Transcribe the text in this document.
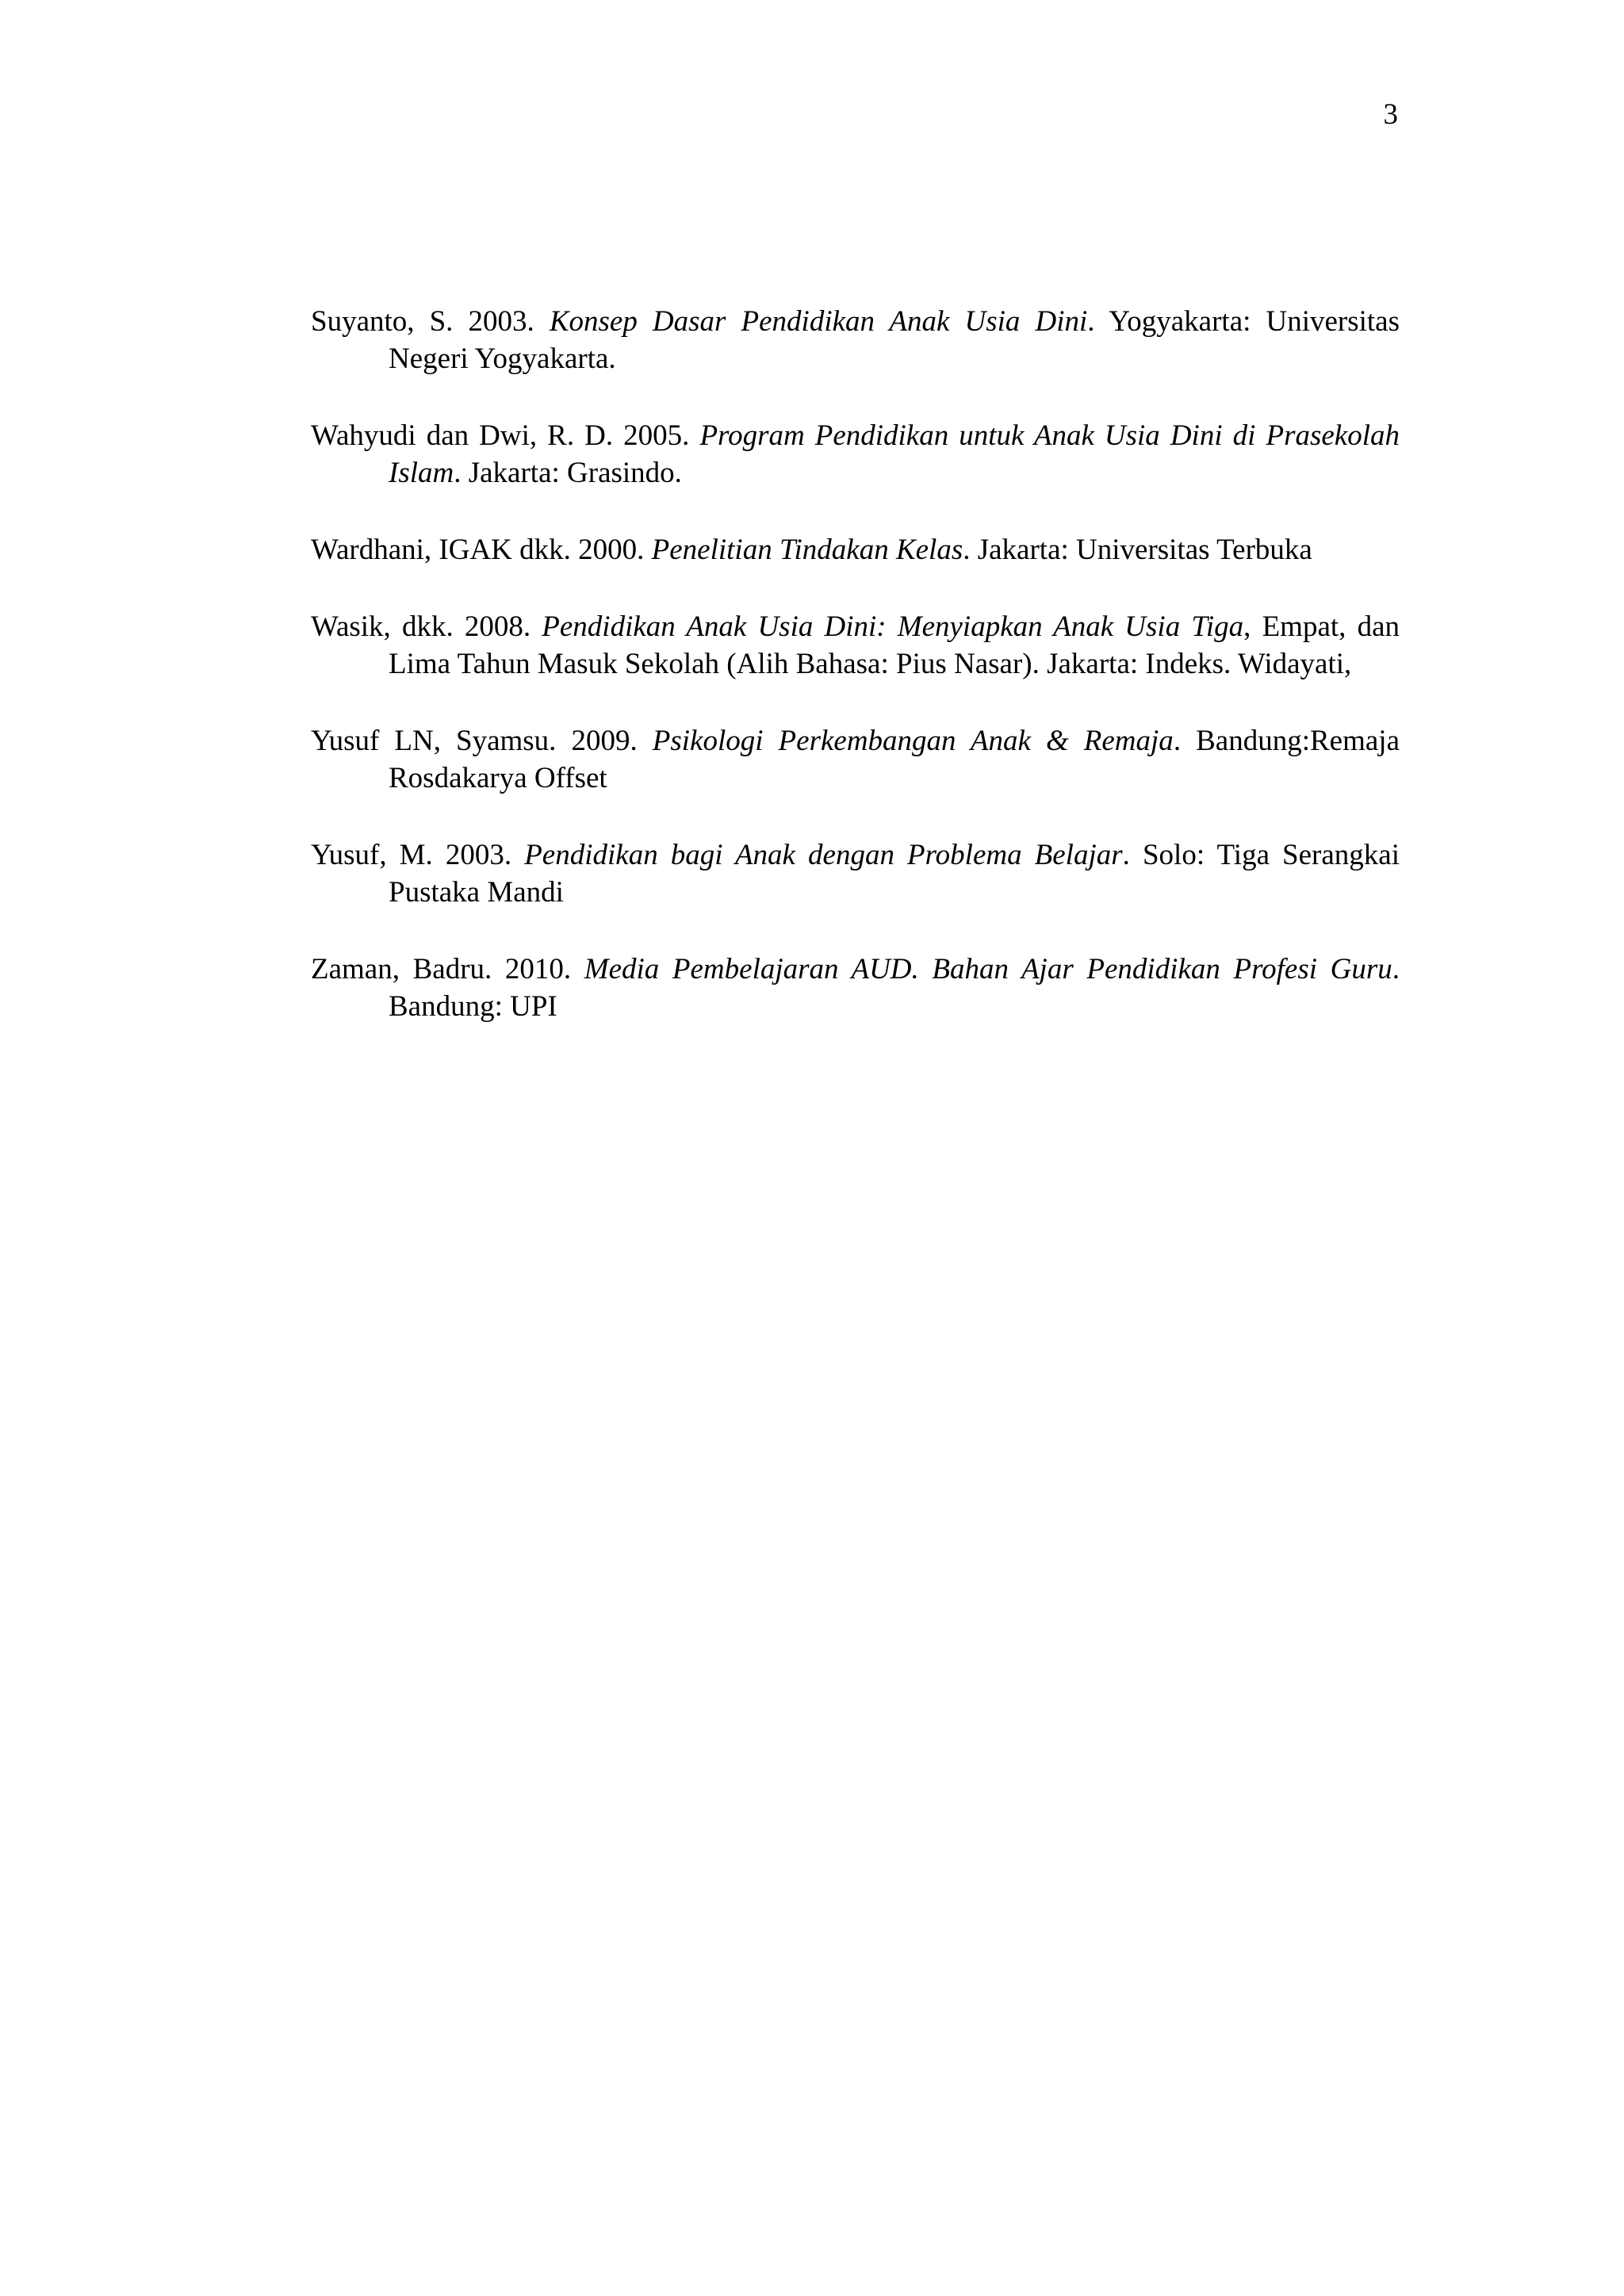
3

Suyanto, S. 2003. Konsep Dasar Pendidikan Anak Usia Dini. Yogyakarta: Universitas Negeri Yogyakarta.
Wahyudi dan Dwi, R. D. 2005. Program Pendidikan untuk Anak Usia Dini di Prasekolah Islam. Jakarta: Grasindo.
Wardhani, IGAK dkk. 2000. Penelitian Tindakan Kelas. Jakarta: Universitas Terbuka
Wasik, dkk. 2008. Pendidikan Anak Usia Dini: Menyiapkan Anak Usia Tiga, Empat, dan Lima Tahun Masuk Sekolah (Alih Bahasa: Pius Nasar). Jakarta: Indeks. Widayati,
Yusuf LN, Syamsu. 2009. Psikologi Perkembangan Anak & Remaja. Bandung:Remaja Rosdakarya Offset
Yusuf, M. 2003. Pendidikan bagi Anak dengan Problema Belajar. Solo: Tiga Serangkai Pustaka Mandi
Zaman, Badru. 2010. Media Pembelajaran AUD. Bahan Ajar Pendidikan Profesi Guru. Bandung: UPI
